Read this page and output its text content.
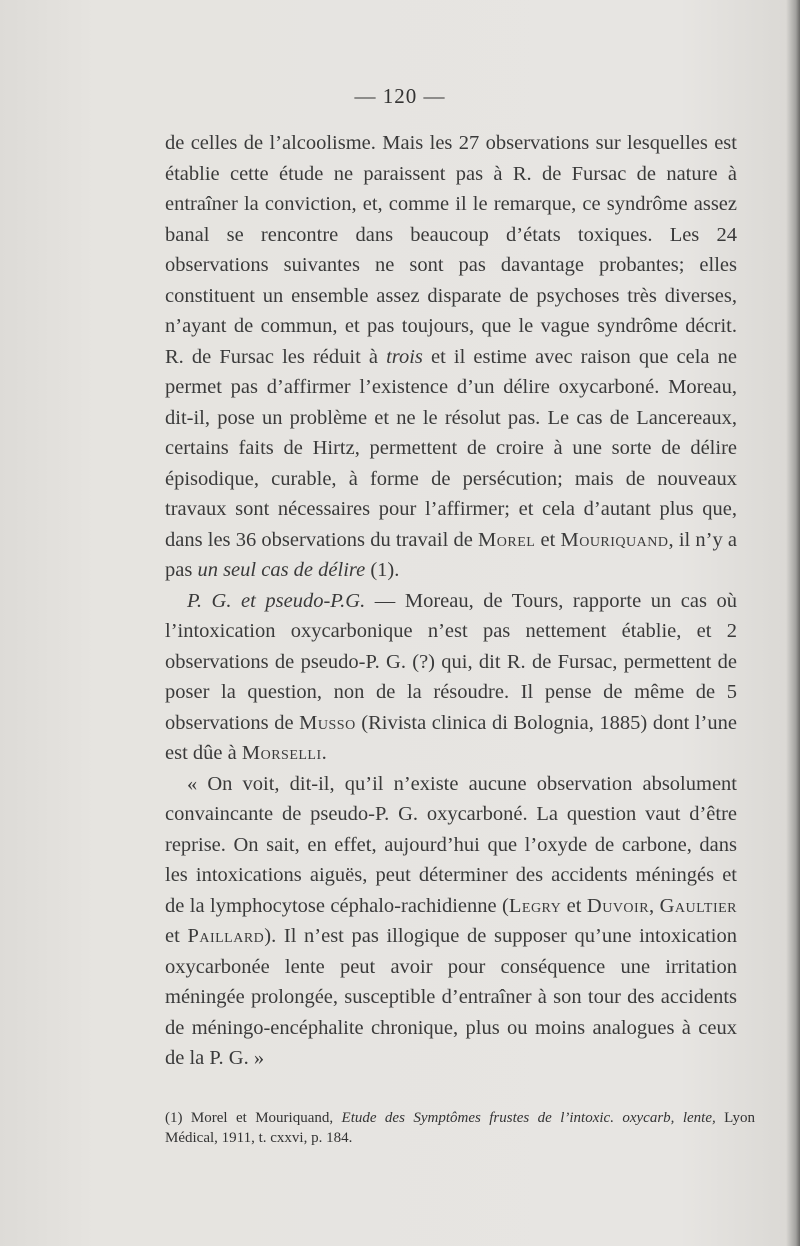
— 120 —

de celles de l’alcoolisme. Mais les 27 observations sur lesquelles est établie cette étude ne paraissent pas à R. de Fursac de nature à entraîner la conviction, et, comme il le remarque, ce syndrôme assez banal se rencontre dans beaucoup d’états toxiques. Les 24 observations suivantes ne sont pas davantage probantes; elles constituent un ensemble assez disparate de psychoses très diverses, n’ayant de commun, et pas toujours, que le vague syndrôme décrit. R. de Fursac les réduit à trois et il estime avec raison que cela ne permet pas d’affirmer l’existence d’un délire oxycarboné. Moreau, dit-il, pose un problème et ne le résolut pas. Le cas de Lancereaux, certains faits de Hirtz, permettent de croire à une sorte de délire épisodique, curable, à forme de persécution; mais de nouveaux travaux sont nécessaires pour l’affirmer; et cela d’autant plus que, dans les 36 observations du travail de Morel et Mouriquand, il n’y a pas un seul cas de délire (1).

P. G. et pseudo-P.G. — Moreau, de Tours, rapporte un cas où l’intoxication oxycarbonique n’est pas nettement établie, et 2 observations de pseudo-P. G. (?) qui, dit R. de Fursac, permettent de poser la question, non de la résoudre. Il pense de même de 5 observations de Musso (Rivista clinica di Bolognia, 1885) dont l’une est dûe à Morselli.

« On voit, dit-il, qu’il n’existe aucune observation absolument convaincante de pseudo-P. G. oxycarboné. La question vaut d’être reprise. On sait, en effet, aujourd’hui que l’oxyde de carbone, dans les intoxications aiguës, peut déterminer des accidents méningés et de la lymphocytose céphalo-rachidienne (Legry et Duvoir, Gaultier et Paillard). Il n’est pas illogique de supposer qu’une intoxication oxycarbonée lente peut avoir pour conséquence une irritation méningée prolongée, susceptible d’entraîner à son tour des accidents de méningo-encéphalite chronique, plus ou moins analogues à ceux de la P. G. »

(1) Morel et Mouriquand, Etude des Symptômes frustes de l’intoxic. oxycarb, lente, Lyon Médical, 1911, t. cxxvi, p. 184.
